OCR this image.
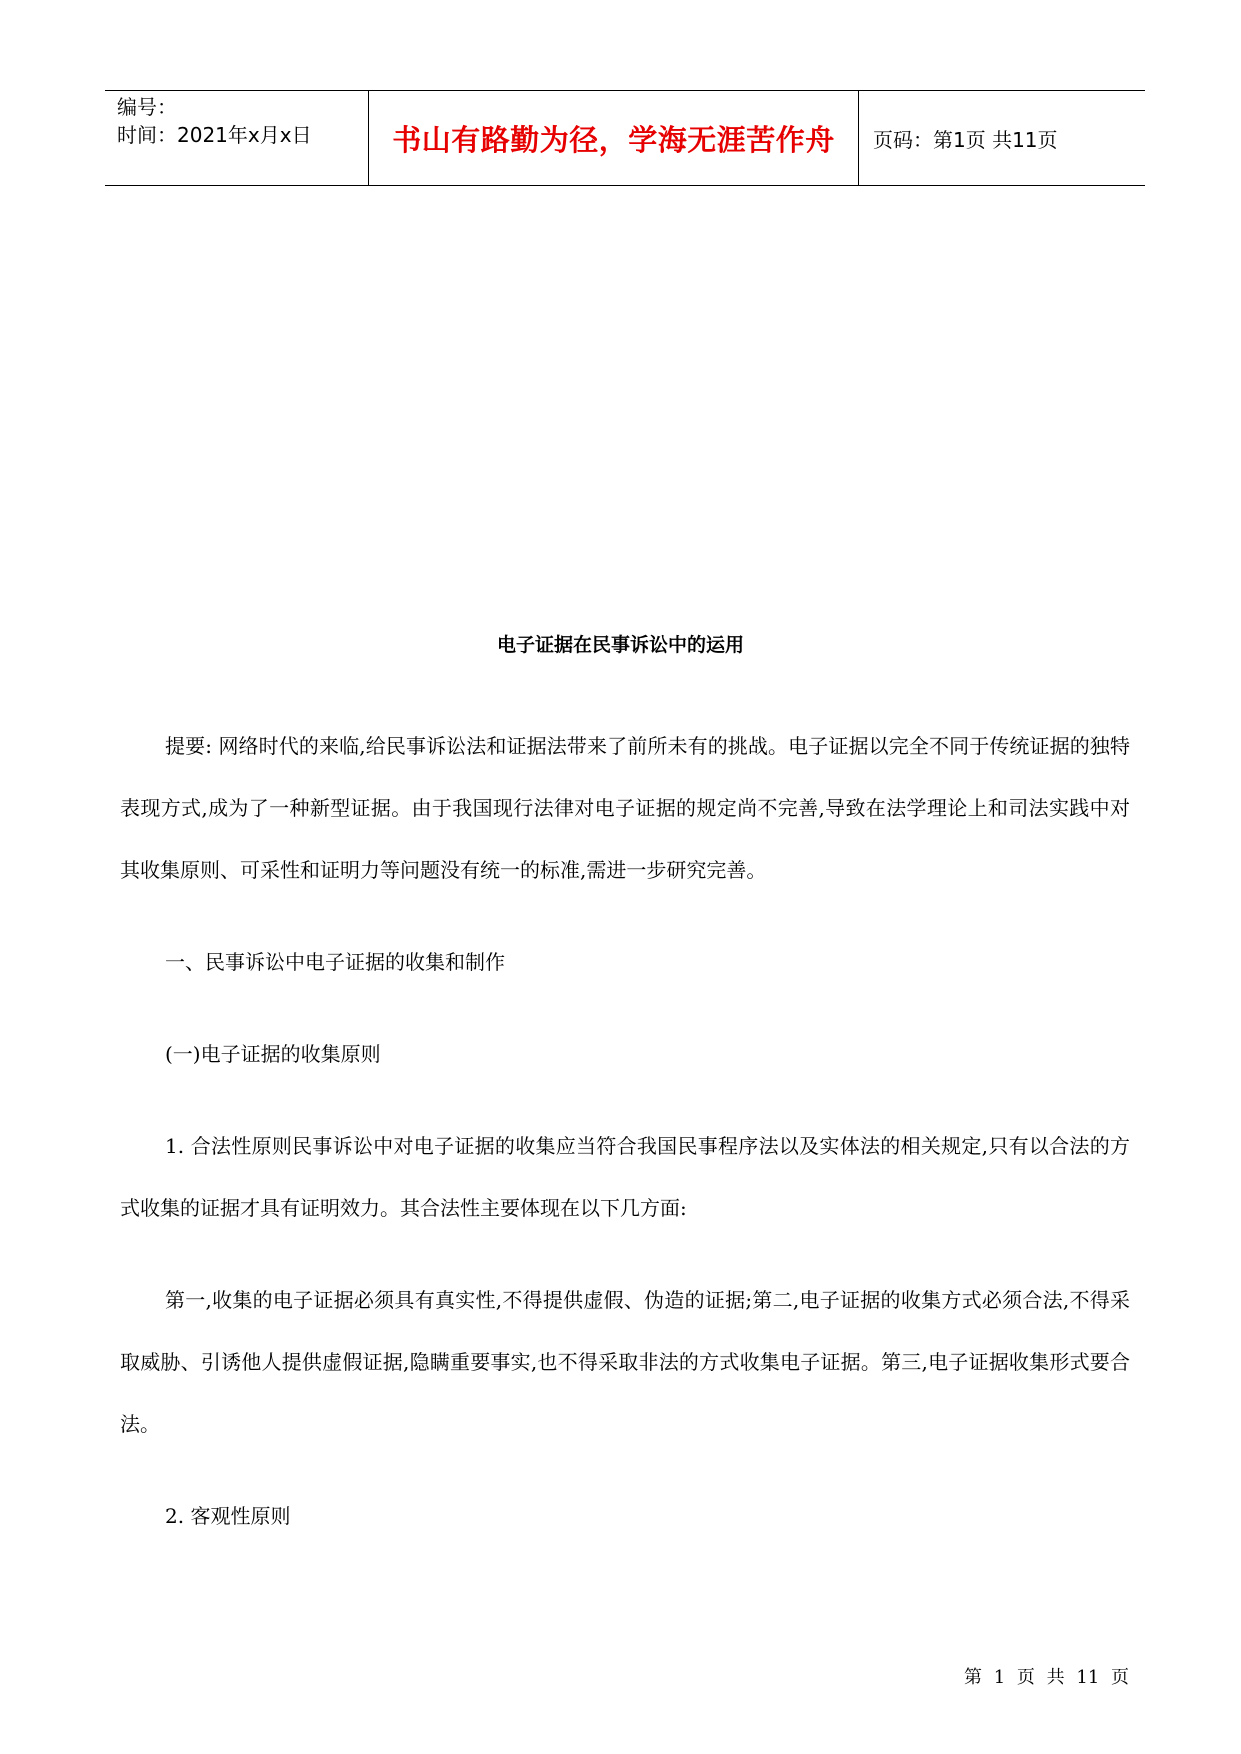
编号：
时间：2021年x月x日	书山有路勤为径，学海无涯苦作舟 页码：第1页 共11页
电子证据在民事诉讼中的运用

提要: 网络时代的来临,给民事诉讼法和证据法带来了前所未有的挑战。电子证据以完全不同于传统证据的独特表现方式,成为了一种新型证据。由于我国现行法律对电子证据的规定尚不完善,导致在法学理论上和司法实践中对其收集原则、可采性和证明力等问题没有统一的标准,需进一步研究完善。

一、民事诉讼中电子证据的收集和制作

(一)电子证据的收集原则

1. 合法性原则民事诉讼中对电子证据的收集应当符合我国民事程序法以及实体法的相关规定,只有以合法的方式收集的证据才具有证明效力。其合法性主要体现在以下几方面:

第一,收集的电子证据必须具有真实性,不得提供虚假、伪造的证据;第二,电子证据的收集方式必须合法,不得采取威胁、引诱他人提供虚假证据,隐瞒重要事实,也不得采取非法的方式收集电子证据。第三,电子证据收集形式要合法。

2. 客观性原则

第 1 页 共 11 页
